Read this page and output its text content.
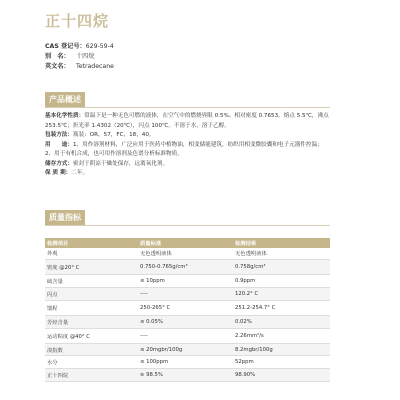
正十四烷
CAS 登记号： 629-59-4
别　名：	十四烷
英文名：	Tetradecane
产品概述

基本化学性质：常温下是一种无色可燃的液体，在空气中的燃烧界限 0.5%。相对密度 0.7653，熔点 5.5℃，沸点 253.5℃；折光率 1.4302（20℃），闪点 100℃。不溶于水，溶于乙醇。

包装方法：瓶装：OR，57，FC，18，40。

用　　途：1、用作溶剂材料，广泛应用于医药中植物油，相变储能建筑，纺织用相变微胶囊和电子元器件控温；2、用于有机合成，也可用作溶剂及色谱分析标准物质。

储存方式：密封于阴凉干燥处保存，远离氧化剂。

保 质 期：二年。

质量指标
检测项目	质量标准	检测结果
外观	无色透明液体	无色透明液体
密度 @20° C	0.750-0.765g/cm³	0.758g/cm³
硫含量	≤ 10ppm	0.9ppm
闪点	----	120.2° C
馏程	250-265° C	251.2-254.7° C
芳烃含量	≤ 0.05%	0.02%
运动粘度 @40° C	----	2.26mm²/s
溴指数	≤ 20mgbr/100g	8.2mgbr/100g
水分	≤ 100ppm	52ppm
正十四烷	≥ 98.5%	98.90%
